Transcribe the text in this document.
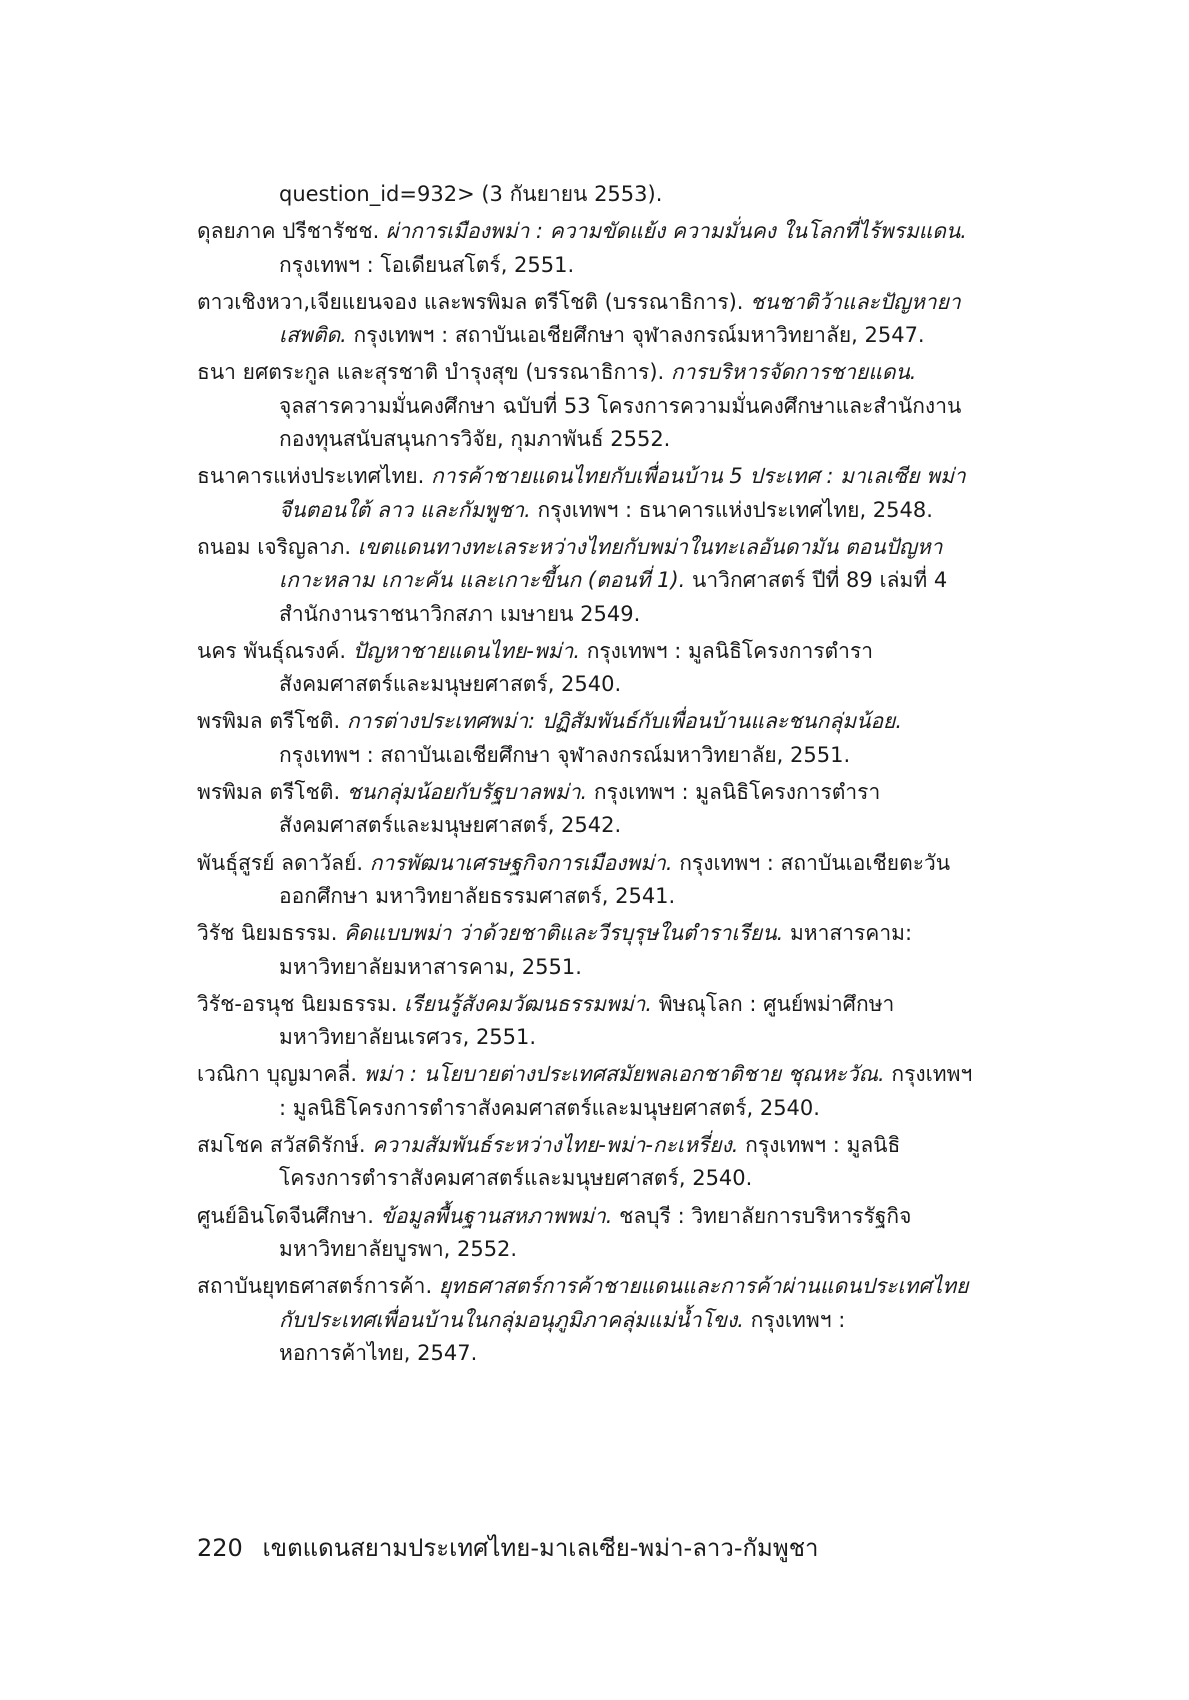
question_id=932> (3 กันยายน 2553).

ดุลยภาค ปรีชารัชช. ผ่าการเมืองพม่า : ความขัดแย้ง ความมั่นคง ในโลกที่ไร้พรมแดน. กรุงเทพฯ : โอเดียนสโตร์, 2551.

ตาวเชิงหวา,เจียแยนจอง และพรพิมล ตรีโชติ (บรรณาธิการ). ชนชาติว้าและปัญหายาเสพติด. กรุงเทพฯ : สถาบันเอเชียศึกษา จุฬาลงกรณ์มหาวิทยาลัย, 2547.

ธนา ยศตระกูล และสุรชาติ บำรุงสุข (บรรณาธิการ). การบริหารจัดการชายแดน. จุลสารความมั่นคงศึกษา ฉบับที่ 53 โครงการความมั่นคงศึกษาและสำนักงานกองทุนสนับสนุนการวิจัย, กุมภาพันธ์ 2552.

ธนาคารแห่งประเทศไทย. การค้าชายแดนไทยกับเพื่อนบ้าน 5 ประเทศ : มาเลเซีย พม่า จีนตอนใต้ ลาว และกัมพูชา. กรุงเทพฯ : ธนาคารแห่งประเทศไทย, 2548.

ถนอม เจริญลาภ. เขตแดนทางทะเลระหว่างไทยกับพม่าในทะเลอันดามัน ตอนปัญหาเกาะหลาม เกาะคัน และเกาะขี้นก (ตอนที่ 1). นาวิกศาสตร์ ปีที่ 89 เล่มที่ 4 สำนักงานราชนาวิกสภา เมษายน 2549.

นคร พันธุ์ณรงค์. ปัญหาชายแดนไทย-พม่า. กรุงเทพฯ : มูลนิธิโครงการตำราสังคมศาสตร์และมนุษยศาสตร์, 2540.

พรพิมล ตรีโชติ. การต่างประเทศพม่า: ปฏิสัมพันธ์กับเพื่อนบ้านและชนกลุ่มน้อย. กรุงเทพฯ : สถาบันเอเชียศึกษา จุฬาลงกรณ์มหาวิทยาลัย, 2551.

พรพิมล ตรีโชติ. ชนกลุ่มน้อยกับรัฐบาลพม่า. กรุงเทพฯ : มูลนิธิโครงการตำราสังคมศาสตร์และมนุษยศาสตร์, 2542.

พันธุ์สูรย์ ลดาวัลย์. การพัฒนาเศรษฐกิจการเมืองพม่า. กรุงเทพฯ : สถาบันเอเชียตะวันออกศึกษา มหาวิทยาลัยธรรมศาสตร์, 2541.

วิรัช นิยมธรรม. คิดแบบพม่า ว่าด้วยชาติและวีรบุรุษในตำราเรียน. มหาสารคาม: มหาวิทยาลัยมหาสารคาม, 2551.

วิรัช-อรนุช นิยมธรรม. เรียนรู้สังคมวัฒนธรรมพม่า. พิษณุโลก : ศูนย์พม่าศึกษา มหาวิทยาลัยนเรศวร, 2551.

เวณิกา บุญมาคลี่. พม่า : นโยบายต่างประเทศสมัยพลเอกชาติชาย ชุณหะวัณ. กรุงเทพฯ : มูลนิธิโครงการตำราสังคมศาสตร์และมนุษยศาสตร์, 2540.

สมโชค สวัสดิรักษ์. ความสัมพันธ์ระหว่างไทย-พม่า-กะเหรี่ยง. กรุงเทพฯ : มูลนิธิโครงการตำราสังคมศาสตร์และมนุษยศาสตร์, 2540.

ศูนย์อินโดจีนศึกษา. ข้อมูลพื้นฐานสหภาพพม่า. ชลบุรี : วิทยาลัยการบริหารรัฐกิจ มหาวิทยาลัยบูรพา, 2552.

สถาบันยุทธศาสตร์การค้า. ยุทธศาสตร์การค้าชายแดนและการค้าผ่านแดนประเทศไทยกับประเทศเพื่อนบ้านในกลุ่มอนุภูมิภาคลุ่มแม่น้ำโขง. กรุงเทพฯ : หอการค้าไทย, 2547.

220 เขตแดนสยามประเทศไทย-มาเลเซีย-พม่า-ลาว-กัมพูชา
